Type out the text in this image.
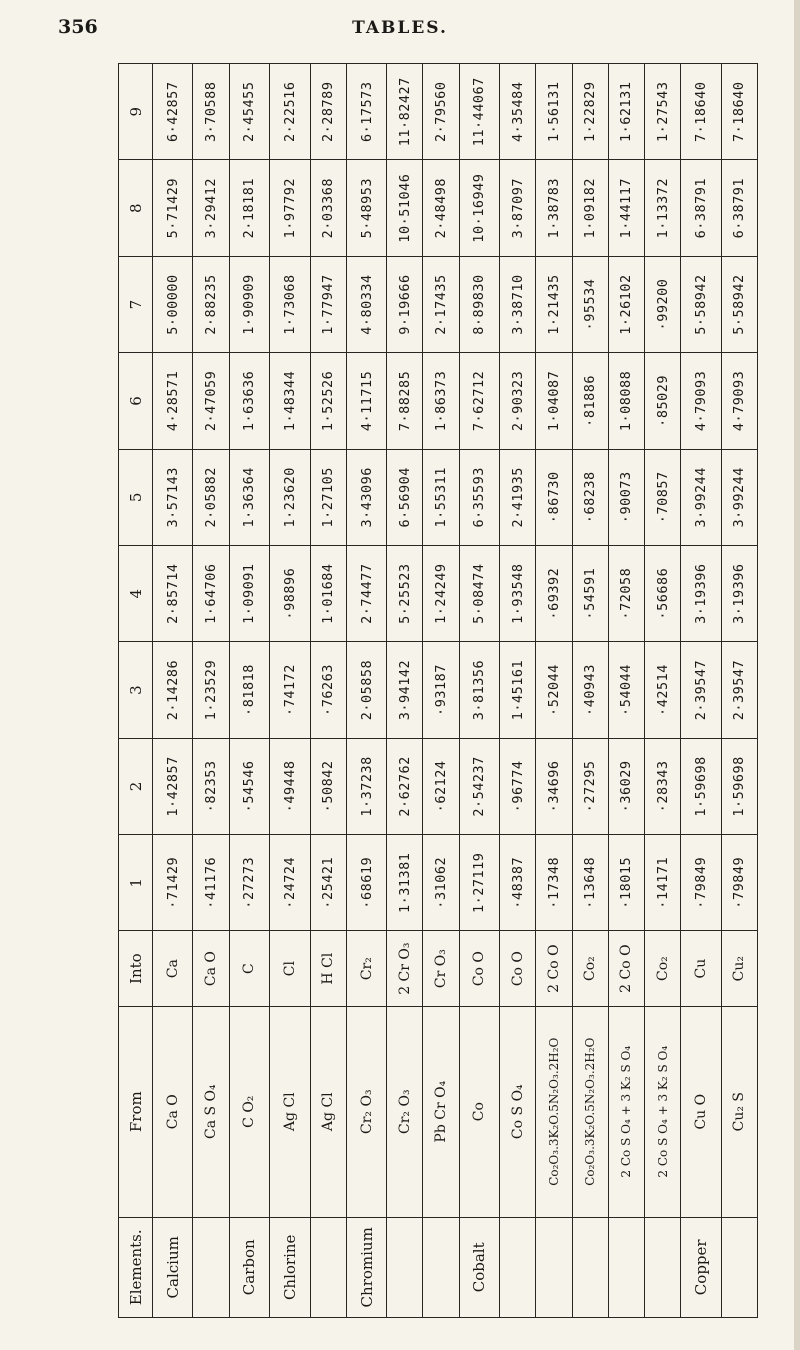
356	TABLES.
Elements.	From	Into	1	2	3	4	5	6	7	8	9
Calcium	Ca O	Ca	·71429	1·42857	2·14286	2·85714	3·57143	4·28571	5·00000	5·71429	6·42857
	Ca S O₄	Ca O	·41176	·82353	1·23529	1·64706	2·05882	2·47059	2·88235	3·29412	3·70588
Carbon	C O₂	C	·27273	·54546	·81818	1·09091	1·36364	1·63636	1·90909	2·18181	2·45455
Chlorine	Ag Cl	Cl	·24724	·49448	·74172	·98896	1·23620	1·48344	1·73068	1·97792	2·22516
	Ag Cl	H Cl	·25421	·50842	·76263	1·01684	1·27105	1·52526	1·77947	2·03368	2·28789
Chromium	Cr₂ O₃	Cr₂	·68619	1·37238	2·05858	2·74477	3·43096	4·11715	4·80334	5·48953	6·17573
	Cr₂ O₃	2 Cr O₃	1·31381	2·62762	3·94142	5·25523	6·56904	7·88285	9·19666	10·51046	11·82427
	Pb Cr O₄	Cr O₃	·31062	·62124	·93187	1·24249	1·55311	1·86373	2·17435	2·48498	2·79560
Cobalt	Co	Co O	1·27119	2·54237	3·81356	5·08474	6·35593	7·62712	8·89830	10·16949	11·44067
	Co S O₄	Co O	·48387	·96774	1·45161	1·93548	2·41935	2·90323	3·38710	3·87097	4·35484
	Co₂O₃.3K₂O.5N₂O₃.2H₂O	2 Co O	·17348	·34696	·52044	·69392	·86730	1·04087	1·21435	1·38783	1·56131
	Co₂O₃.3K₂O.5N₂O₃.2H₂O	Co₂	·13648	·27295	·40943	·54591	·68238	·81886	·95534	1·09182	1·22829
	2 Co S O₄ + 3 K₂ S O₄	2 Co O	·18015	·36029	·54044	·72058	·90073	1·08088	1·26102	1·44117	1·62131
	2 Co S O₄ + 3 K₂ S O₄	Co₂	·14171	·28343	·42514	·56686	·70857	·85029	·99200	1·13372	1·27543
Copper	Cu O	Cu	·79849	1·59698	2·39547	3·19396	3·99244	4·79093	5·58942	6·38791	7·18640
	Cu₂ S	Cu₂	·79849	1·59698	2·39547	3·19396	3·99244	4·79093	5·58942	6·38791	7·18640
